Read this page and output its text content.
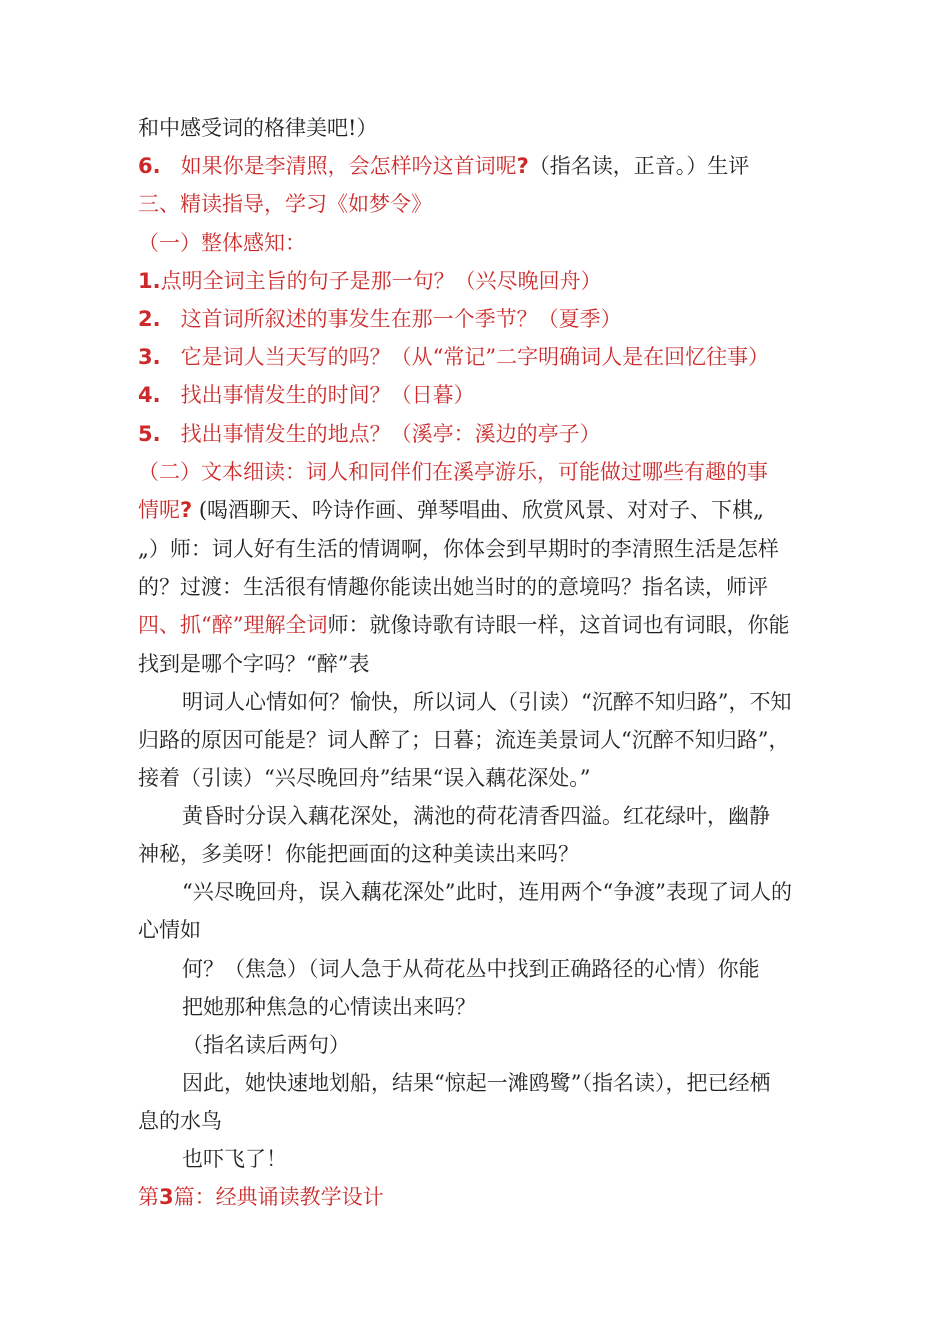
和中感受词的格律美吧!）
6. 如果你是李清照，会怎样吟这首词呢?（指名读，正音。）生评
三、精读指导，学习《如梦令》
（一）整体感知：
1.点明全词主旨的句子是那一句？（兴尽晚回舟）
2. 这首词所叙述的事发生在那一个季节？（夏季）
3. 它是词人当天写的吗？（从“常记”二字明确词人是在回忆往事）
4. 找出事情发生的时间？（日暮）
5. 找出事情发生的地点？（溪亭：溪边的亭子）
（二）文本细读：词人和同伴们在溪亭游乐，可能做过哪些有趣的事
情呢? (喝酒聊天、吟诗作画、弹琴唱曲、欣赏风景、对对子、下棋„
„）师：词人好有生活的情调啊，你体会到早期时的李清照生活是怎样
的？过渡：生活很有情趣你能读出她当时的的意境吗？指名读，师评
四、抓“醉”理解全词师：就像诗歌有诗眼一样，这首词也有词眼，你能
找到是哪个字吗？“醉”表
明词人心情如何？愉快，所以词人（引读）“沉醉不知归路”，不知
归路的原因可能是？词人醉了；日暮；流连美景词人“沉醉不知归路”，
接着（引读）“兴尽晚回舟”结果“误入藕花深处。”
黄昏时分误入藕花深处，满池的荷花清香四溢。红花绿叶，幽静
神秘，多美呀！你能把画面的这种美读出来吗？
“兴尽晚回舟，误入藕花深处”此时，连用两个“争渡”表现了词人的
心情如
何？（焦急）（词人急于从荷花丛中找到正确路径的心情）你能
把她那种焦急的心情读出来吗？
（指名读后两句）
因此，她快速地划船，结果“惊起一滩鸥鹭”（指名读），把已经栖
息的水鸟
也吓飞了！
第3篇：经典诵读教学设计
